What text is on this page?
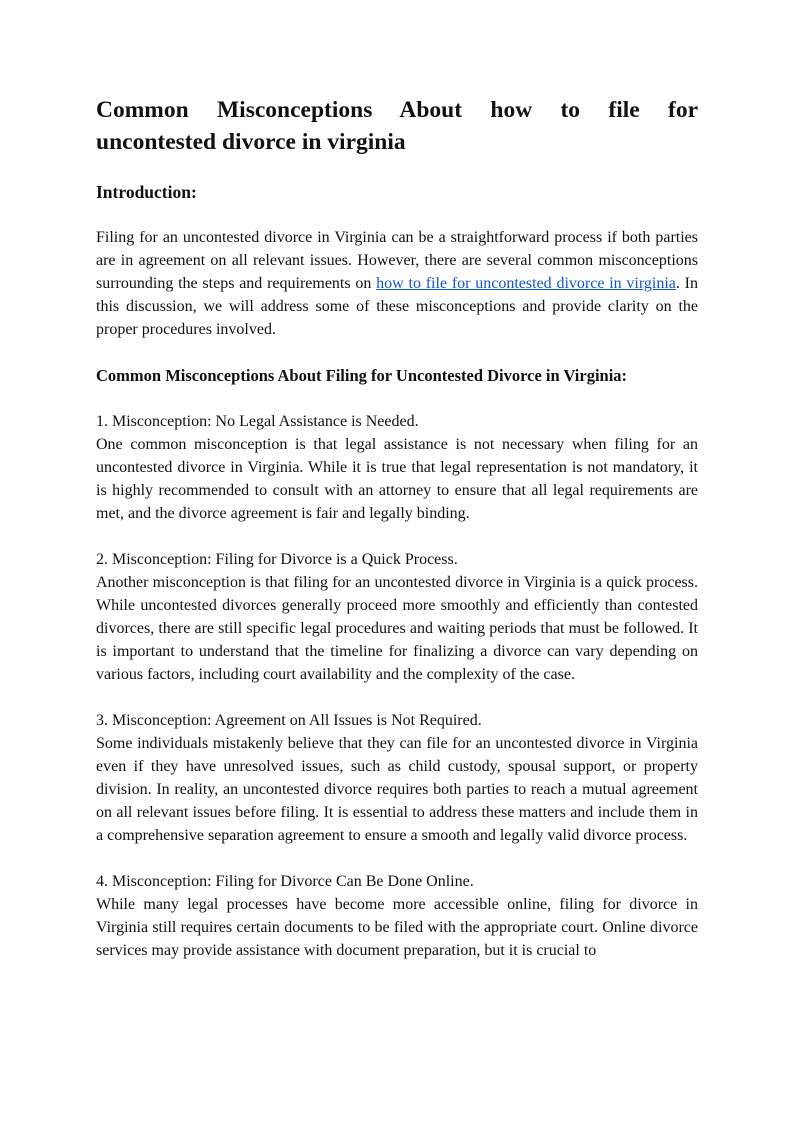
Common Misconceptions About how to file for
uncontested divorce in virginia
Introduction:

Filing for an uncontested divorce in Virginia can be a straightforward process if both parties are in agreement on all relevant issues. However, there are several common misconceptions surrounding the steps and requirements on how to file for uncontested divorce in virginia. In this discussion, we will address some of these misconceptions and provide clarity on the proper procedures involved.

Common Misconceptions About Filing for Uncontested Divorce in Virginia:
1. Misconception: No Legal Assistance is Needed.

One common misconception is that legal assistance is not necessary when filing for an uncontested divorce in Virginia. While it is true that legal representation is not mandatory, it is highly recommended to consult with an attorney to ensure that all legal requirements are met, and the divorce agreement is fair and legally binding.

2. Misconception: Filing for Divorce is a Quick Process.

Another misconception is that filing for an uncontested divorce in Virginia is a quick process. While uncontested divorces generally proceed more smoothly and efficiently than contested divorces, there are still specific legal procedures and waiting periods that must be followed. It is important to understand that the timeline for finalizing a divorce can vary depending on various factors, including court availability and the complexity of the case.

3. Misconception: Agreement on All Issues is Not Required.

Some individuals mistakenly believe that they can file for an uncontested divorce in Virginia even if they have unresolved issues, such as child custody, spousal support, or property division. In reality, an uncontested divorce requires both parties to reach a mutual agreement on all relevant issues before filing. It is essential to address these matters and include them in a comprehensive separation agreement to ensure a smooth and legally valid divorce process.

4. Misconception: Filing for Divorce Can Be Done Online.

While many legal processes have become more accessible online, filing for divorce in Virginia still requires certain documents to be filed with the appropriate court. Online divorce services may provide assistance with document preparation, but it is crucial to
